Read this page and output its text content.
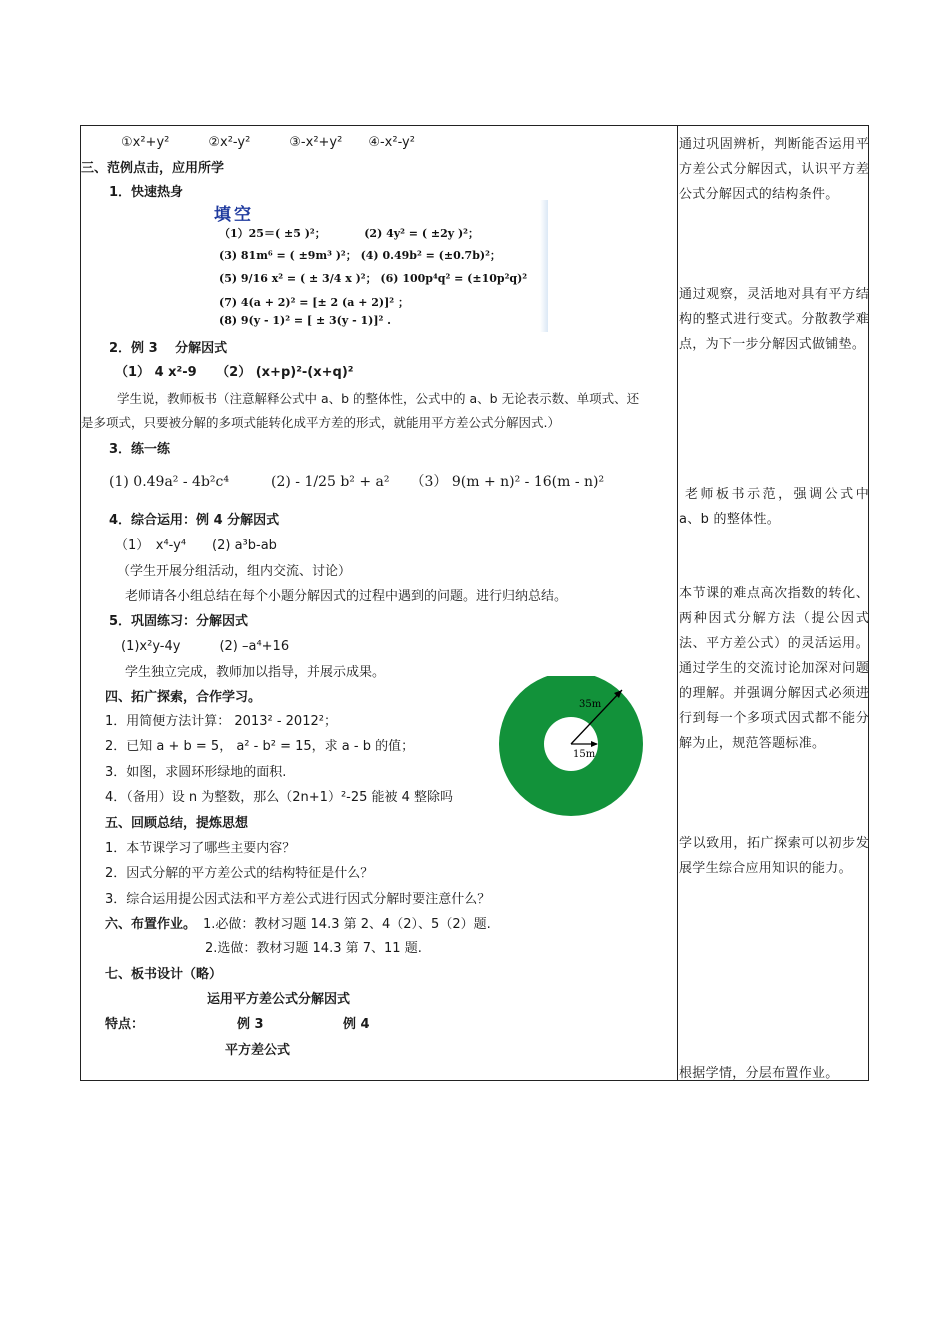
①x²+y²　　　②x²-y²　　　③-x²+y²　　④-x²-y²
三、范例点击，应用所学
1．快速热身
填空
（1）25＝( ±5 )²；　　　　(2) 4y² = ( ±2y )²；
(3) 81m⁶ = ( ±9m³ )²； (4) 0.49b² = (±0.7b)²；
(5) 9/16 x² = ( ± 3/4 x )²； (6) 100p⁴q² = (±10p²q)²
(7) 4(a + 2)² = [± 2 (a + 2)]² ；
(8) 9(y - 1)² = [ ± 3(y - 1)]² .
2．例 3　 分解因式
（1） 4 x²-9　　（2） (x+p)²-(x+q)²
学生说，教师板书（注意解释公式中 a、b 的整体性，公式中的 a、b 无论表示数、单项式、还
是多项式，只要被分解的多项式能转化成平方差的形式，就能用平方差公式分解因式.）
3．练一练
(1) 0.49a² - 4b²c⁴　　　(2) - 1/25 b² + a²　　（3） 9(m + n)² - 16(m - n)²
4．综合运用：例 4 分解因式
（1）　x⁴-y⁴　　(2) a³b-ab
（学生开展分组活动，组内交流、讨论）
老师请各小组总结在每个小题分解因式的过程中遇到的问题。进行归纳总结。
5．巩固练习：分解因式
(1)x²y-4y　　　(2) –a⁴+16
学生独立完成，教师加以指导，并展示成果。
四、拓广探索，合作学习。
1．用简便方法计算： 2013² - 2012²；
2．已知 a + b = 5， a² - b² = 15，求 a - b 的值；
3．如图，求圆环形绿地的面积.
4．（备用）设 n 为整数，那么（2n+1）²-25 能被 4 整除吗
35m
15m
五、回顾总结，提炼思想
1．本节课学习了哪些主要内容？
2．因式分解的平方差公式的结构特征是什么？
3．综合运用提公因式法和平方差公式进行因式分解时要注意什么？
六、布置作业。 1.必做：教材习题 14.3 第 2、4（2）、5（2）题.
2.选做：教材习题 14.3 第 7、11 题.
七、板书设计（略）
运用平方差公式分解因式
特点：	例 3	例 4
平方差公式
通过巩固辨析，判断能否运用平方差公式分解因式，认识平方差公式分解因式的结构条件。
通过观察，灵活地对具有平方结构的整式进行变式。分散教学难点，为下一步分解因式做铺垫。
老师板书示范，强调公式中 a、b 的整体性。
本节课的难点高次指数的转化、两种因式分解方法（提公因式法、平方差公式）的灵活运用。通过学生的交流讨论加深对问题的理解。并强调分解因式必须进行到每一个多项式因式都不能分解为止，规范答题标准。
学以致用，拓广探索可以初步发展学生综合应用知识的能力。
根据学情，分层布置作业。
